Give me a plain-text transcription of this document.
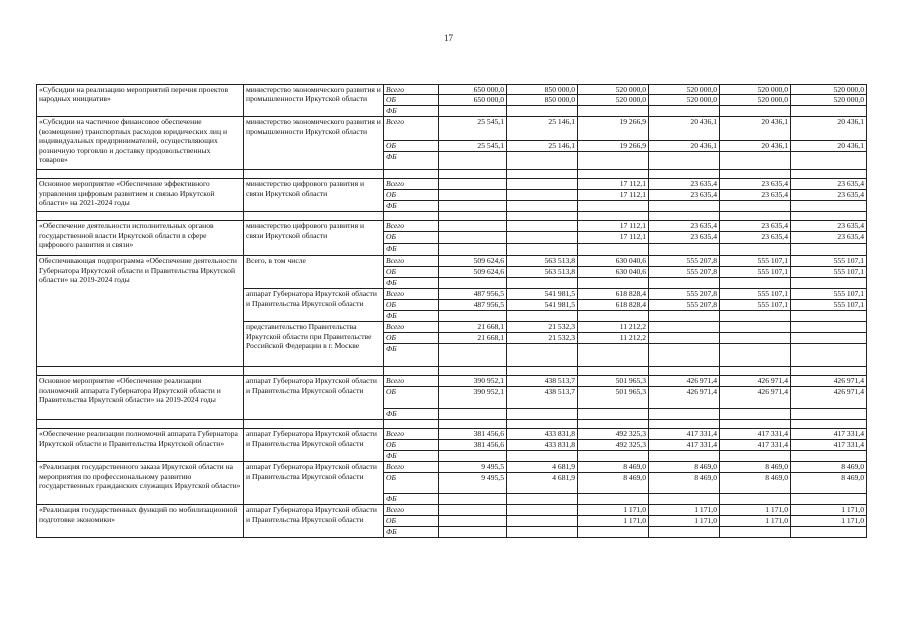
17
«Субсидии на реализацию мероприятий перечня проектов народных инициатив»	министерство экономического развития и промышленности Иркутской области	Всего	650 000,0	850 000,0	520 000,0	520 000,0	520 000,0	520 000,0
		ОБ	650 000,0	850 000,0	520 000,0	520 000,0	520 000,0	520 000,0
		ФБ						
«Субсидии на частичное финансовое обеспечение (возмещение) транспортных расходов юридических лиц и индивидуальных предпринимателей, осуществляющих розничную торговлю и доставку продовольственных товаров»	министерство экономического развития и промышленности Иркутской области	Всего	25 545,1	25 146,1	19 266,9	20 436,1	20 436,1	20 436,1
		ОБ	25 545,1	25 146,1	19 266,9	20 436,1	20 436,1	20 436,1
		ФБ						

Основное мероприятие «Обеспечение эффективного управления цифровым развитием и связью Иркутской области» на 2021-2024 годы	министерство цифрового развития и связи Иркутской области	Всего			17 112,1	23 635,4	23 635,4	23 635,4
		ОБ			17 112,1	23 635,4	23 635,4	23 635,4
		ФБ						

«Обеспечение деятельности исполнительных органов государственной власти Иркутской области в сфере цифрового развития и связи»	министерство цифрового развития и связи Иркутской области	Всего			17 112,1	23 635,4	23 635,4	23 635,4
		ОБ			17 112,1	23 635,4	23 635,4	23 635,4
		ФБ						
Обеспечивающая подпрограмма «Обеспечение деятельности Губернатора Иркутской области и Правительства Иркутской области» на 2019-2024 годы	Всего, в том числе	Всего	509 624,6	563 513,8	630 040,6	555 207,8	555 107,1	555 107,1
		ОБ	509 624,6	563 513,8	630 040,6	555 207,8	555 107,1	555 107,1
		ФБ						
	аппарат Губернатора Иркутской области и Правительства Иркутской области	Всего	487 956,5	541 981,5	618 828,4	555 207,8	555 107,1	555 107,1
		ОБ	487 956,5	541 981,5	618 828,4	555 207,8	555 107,1	555 107,1
		ФБ						
	представительство Правительства Иркутской области при Правительстве Российской Федерации в г. Москве	Всего	21 668,1	21 532,3	11 212,2			
		ОБ	21 668,1	21 532,3	11 212,2			
		ФБ						

Основное мероприятие «Обеспечение реализации полномочий аппарата Губернатора Иркутской области и Правительства Иркутской области» на 2019-2024 годы	аппарат Губернатора Иркутской области и Правительства Иркутской области	Всего	390 952,1	438 513,7	501 965,3	426 971,4	426 971,4	426 971,4
		ОБ	390 952,1	438 513,7	501 965,3	426 971,4	426 971,4	426 971,4
		ФБ						

«Обеспечение реализации полномочий аппарата Губернатора Иркутской области и Правительства Иркутской области»	аппарат Губернатора Иркутской области и Правительства Иркутской области	Всего	381 456,6	433 831,8	492 325,3	417 331,4	417 331,4	417 331,4
		ОБ	381 456,6	433 831,8	492 325,3	417 331,4	417 331,4	417 331,4
		ФБ						
«Реализация государственного заказа Иркутской области на мероприятия по профессиональному развитию государственных гражданских служащих Иркутской области»	аппарат Губернатора Иркутской области и Правительства Иркутской области	Всего	9 495,5	4 681,9	8 469,0	8 469,0	8 469,0	8 469,0
		ОБ	9 495,5	4 681,9	8 469,0	8 469,0	8 469,0	8 469,0
		ФБ						
«Реализация государственных функций по мобилизационной подготовке экономики»	аппарат Губернатора Иркутской области и Правительства Иркутской области	Всего			1 171,0	1 171,0	1 171,0	1 171,0
		ОБ			1 171,0	1 171,0	1 171,0	1 171,0
		ФБ						
